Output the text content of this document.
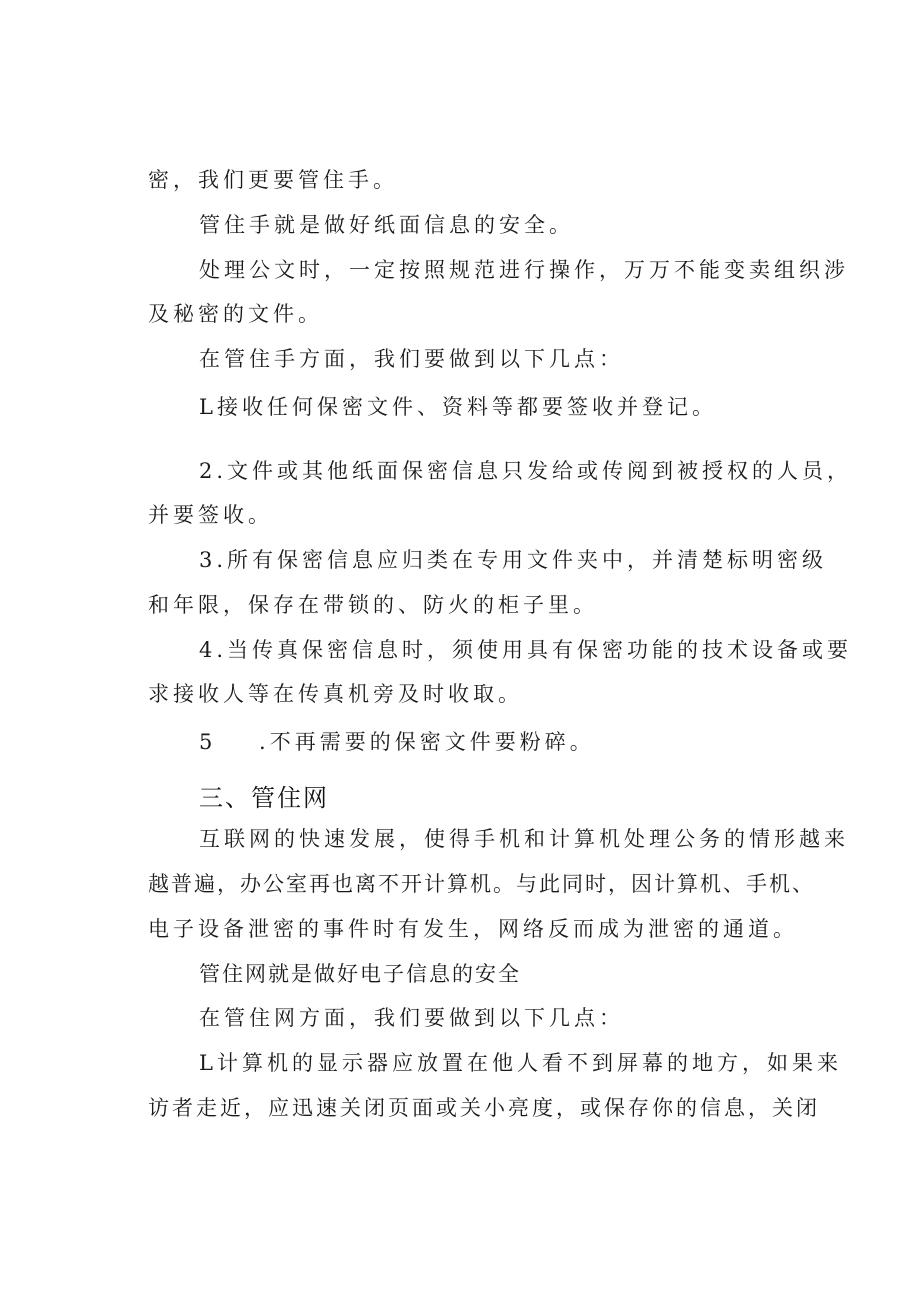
密，我们更要管住手。
管住手就是做好纸面信息的安全。
处理公文时，一定按照规范进行操作，万万不能变卖组织涉
及秘密的文件。
在管住手方面，我们要做到以下几点：
L接收任何保密文件、资料等都要签收并登记。
2.文件或其他纸面保密信息只发给或传阅到被授权的人员，
并要签收。
3.所有保密信息应归类在专用文件夹中，并清楚标明密级
和年限，保存在带锁的、防火的柜子里。
4.当传真保密信息时，须使用具有保密功能的技术设备或要
求接收人等在传真机旁及时收取。
5    .不再需要的保密文件要粉碎。
三、管住网
互联网的快速发展，使得手机和计算机处理公务的情形越来
越普遍，办公室再也离不开计算机。与此同时，因计算机、手机、
电子设备泄密的事件时有发生，网络反而成为泄密的通道。
管住网就是做好电子信息的安全
在管住网方面，我们要做到以下几点：
L计算机的显示器应放置在他人看不到屏幕的地方，如果来
访者走近，应迅速关闭页面或关小亮度，或保存你的信息，关闭
